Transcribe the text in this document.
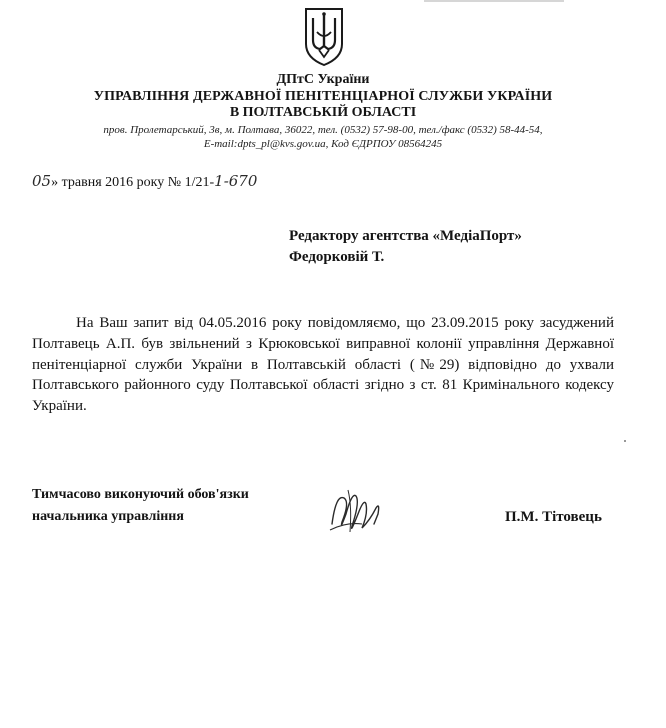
ДПтС України
УПРАВЛІННЯ ДЕРЖАВНОЇ ПЕНІТЕНЦІАРНОЇ СЛУЖБИ УКРАЇНИ
В ПОЛТАВСЬКІЙ ОБЛАСТІ
пров. Пролетарський, 3в, м. Полтава, 36022, тел. (0532) 57-98-00, тел./факс (0532) 58-44-54,
E-mail:dpts_pl@kvs.gov.ua, Код ЄДРПОУ 08564245
05» травня 2016 року № 1/21-1-670
Редактору агентства «МедіаПорт»
Федорковій Т.
На Ваш запит від 04.05.2016 року повідомляємо, що 23.09.2015 року засуджений Полтавець А.П. був звільнений з Крюковської виправної колонії управління Державної пенітенціарної служби України в Полтавській області (№29) відповідно до ухвали Полтавського районного суду Полтавської області згідно з ст. 81 Кримінального кодексу України.
Тимчасово виконуючий обов'язки
начальника управління	П.М. Тітовець
